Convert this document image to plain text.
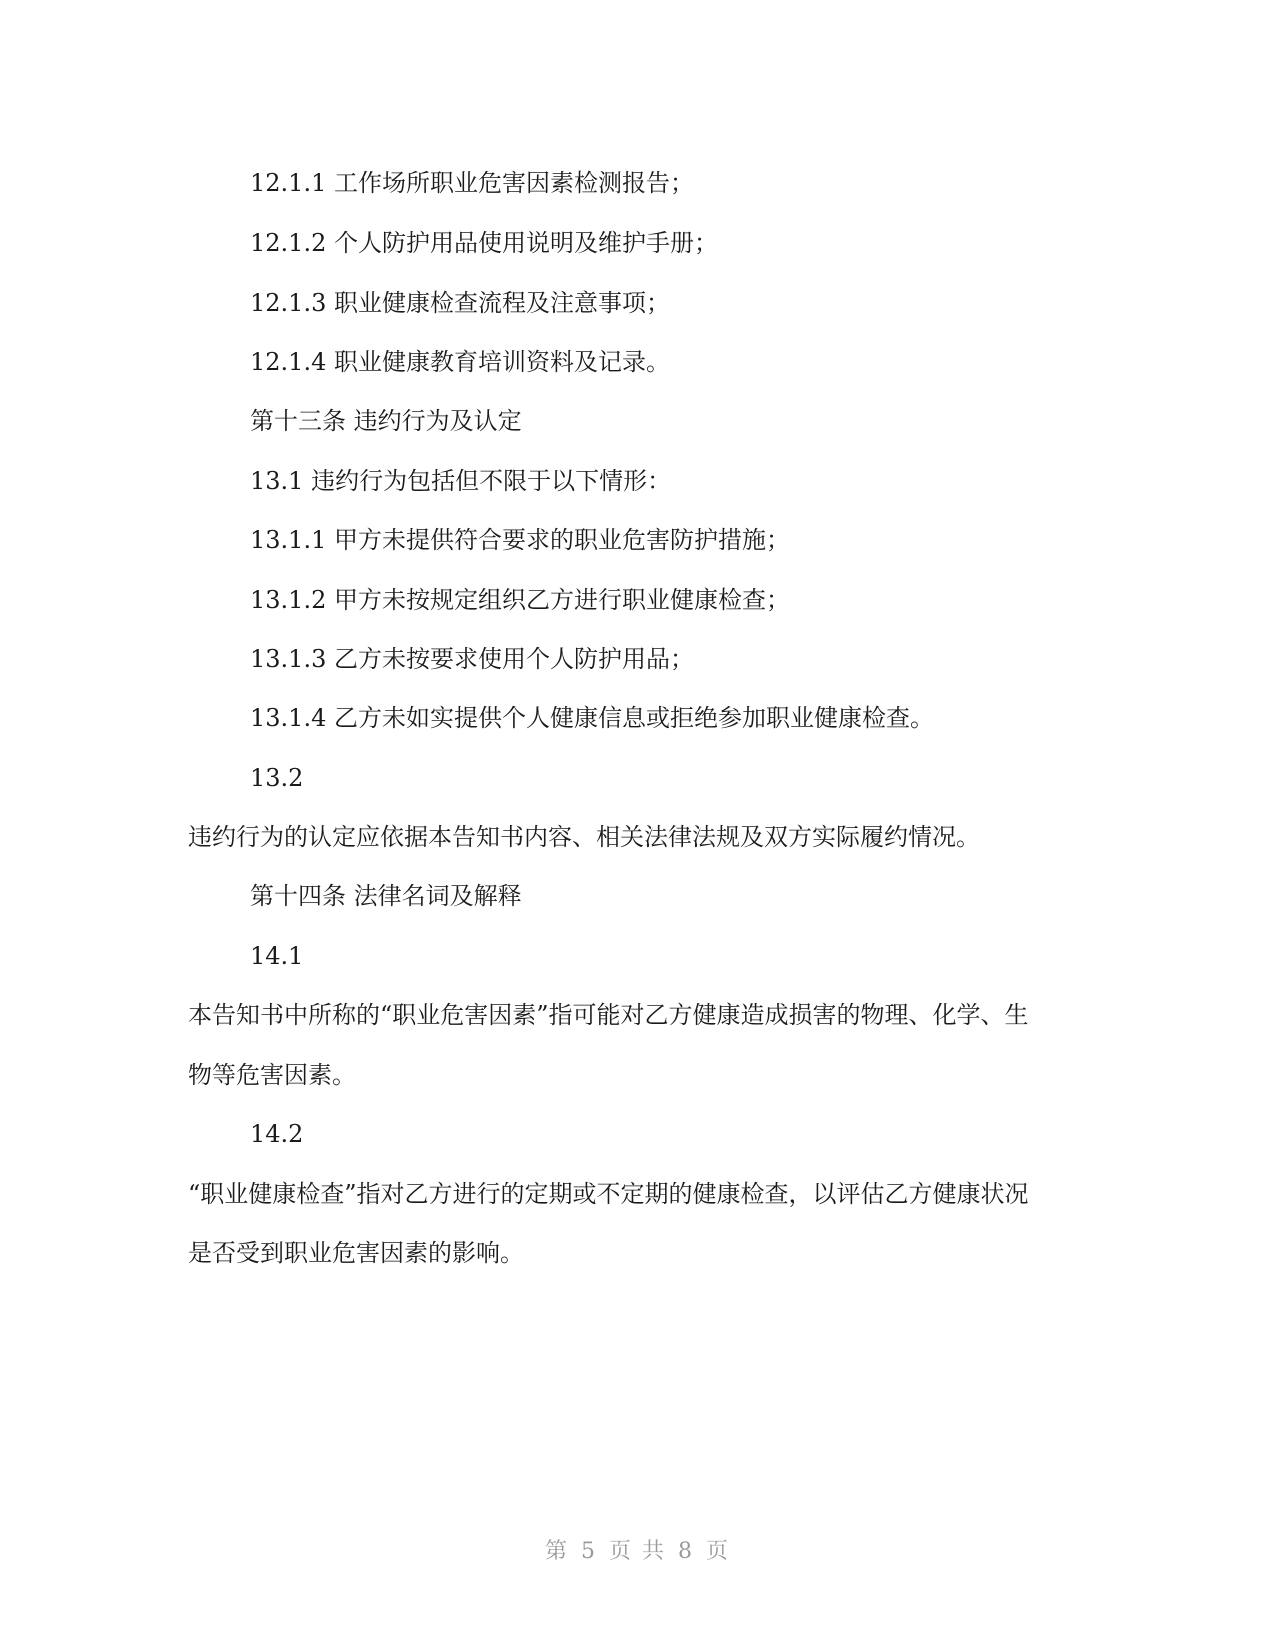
12.1.1 工作场所职业危害因素检测报告；
12.1.2 个人防护用品使用说明及维护手册；
12.1.3 职业健康检查流程及注意事项；
12.1.4 职业健康教育培训资料及记录。
第十三条 违约行为及认定
13.1 违约行为包括但不限于以下情形：
13.1.1 甲方未提供符合要求的职业危害防护措施；
13.1.2 甲方未按规定组织乙方进行职业健康检查；
13.1.3 乙方未按要求使用个人防护用品；
13.1.4 乙方未如实提供个人健康信息或拒绝参加职业健康检查。
13.2
违约行为的认定应依据本告知书内容、相关法律法规及双方实际履约情况。
第十四条 法律名词及解释
14.1
本告知书中所称的“职业危害因素”指可能对乙方健康造成损害的物理、化学、生
物等危害因素。
14.2
“职业健康检查”指对乙方进行的定期或不定期的健康检查，以评估乙方健康状况
是否受到职业危害因素的影响。
第 5 页 共 8 页
